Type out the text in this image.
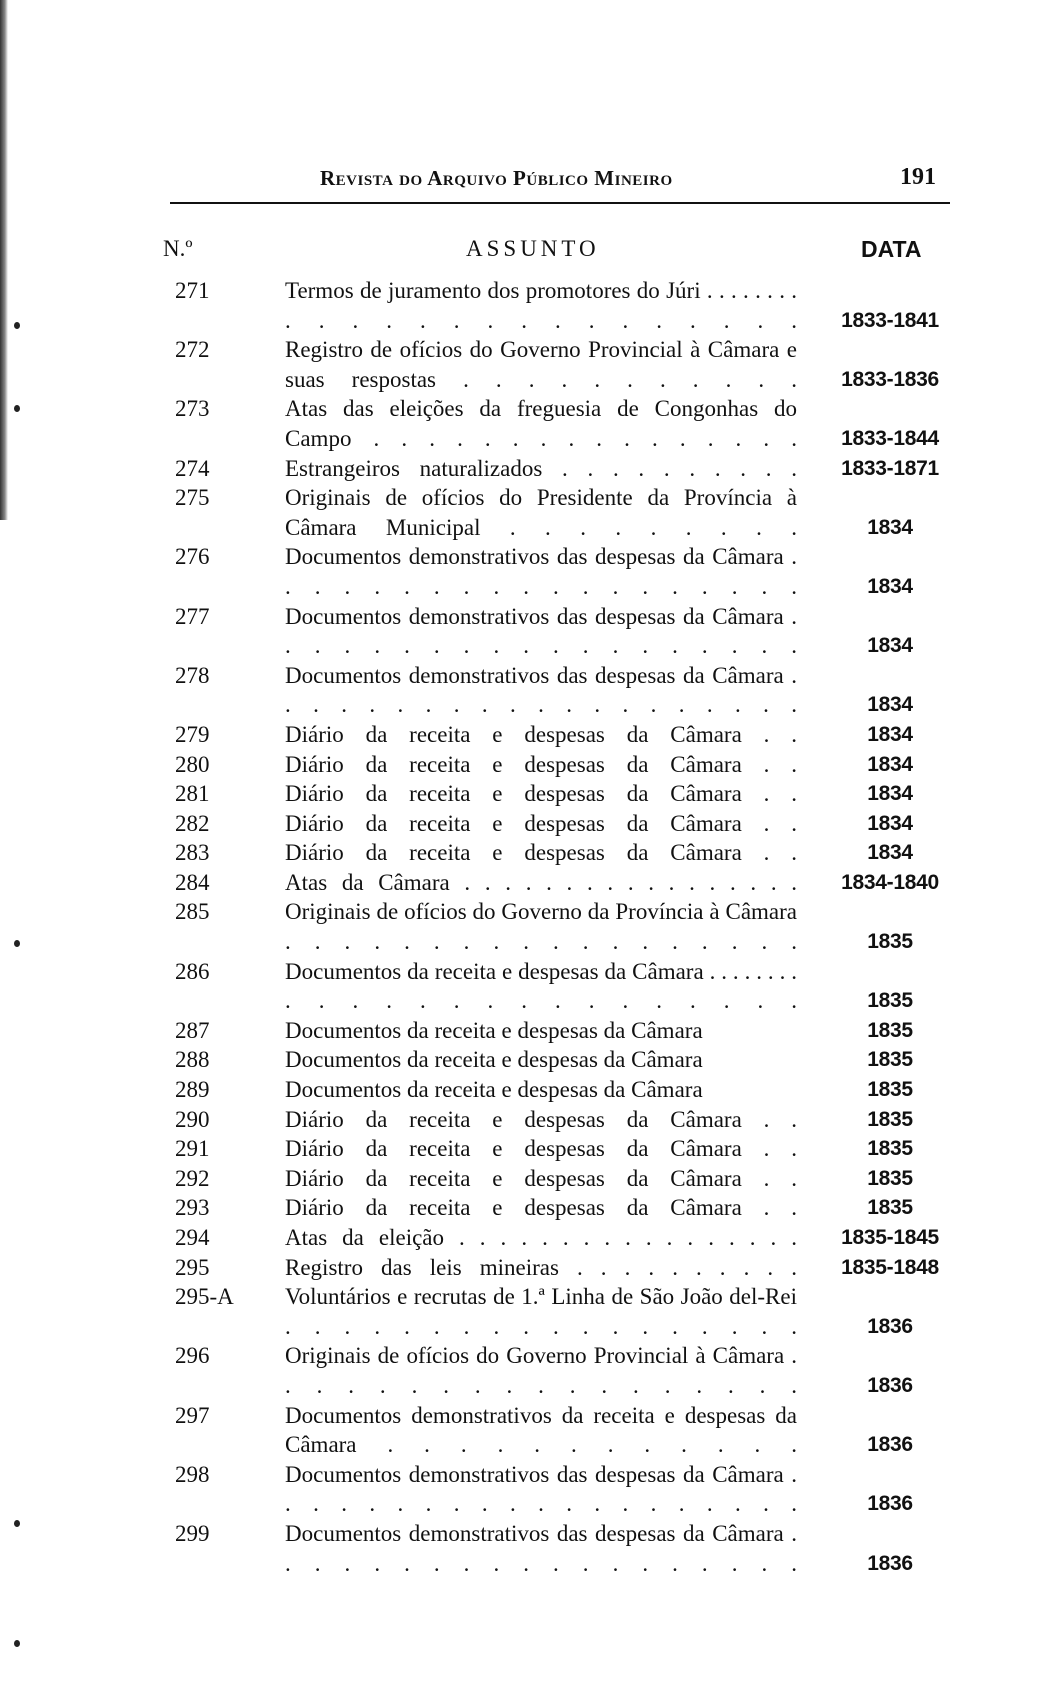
Revista do Arquivo Público Mineiro	191
N.º	ASSUNTO	DATA
271	Termos de juramento dos promotores do Júri . . . . . . . . . . . . . . . . . . . . . . . . 1833-1841
272	Registro de ofícios do Governo Provincial à Câmara e suas respostas . . . . . . . . . . . 1833-1836
273	Atas das eleições da freguesia de Congonhas do Campo . . . . . . . . . . . . . . . . 1833-1844
274	Estrangeiros naturalizados . . . . . . . . . . 1833-1871
275	Originais de ofícios do Presidente da Província à Câmara Municipal . . . . . . . . .	1834
276	Documentos demonstrativos das despesas da Câmara . . . . . . . . . . . . . . . . . . .	1834
277	Documentos demonstrativos das despesas da Câmara . . . . . . . . . . . . . . . . . . .	1834
278	Documentos demonstrativos das despesas da Câmara . . . . . . . . . . . . . . . . . . . .	1834
279	Diário da receita e despesas da Câmara . .	1834
280	Diário da receita e despesas da Câmara . .	1834
281	Diário da receita e despesas da Câmara . .	1834
282	Diário da receita e despesas da Câmara . .	1834
283	Diário da receita e despesas da Câmara . .	1834
284	Atas da Câmara . . . . . . . . . . . . . . . . . 1834-1840
285	Originais de ofícios do Governo da Província à Câmara . . . . . . . . . . . . . . . . . .	1835
286	Documentos da receita e despesas da Câmara . . . . . . . . . . . . . . . . . . . . . . . .	1835
287	Documentos da receita e despesas da Câmara	1835
288	Documentos da receita e despesas da Câmara	1835
289	Documentos da receita e despesas da Câmara	1835
290	Diário da receita e despesas da Câmara . .	1835
291	Diário da receita e despesas da Câmara . .	1835
292	Diário da receita e despesas da Câmara . .	1835
293	Diário da receita e despesas da Câmara . .	1835
294	Atas da eleição . . . . . . . . . . . . . . . . . 1835-1845
295	Registro das leis mineiras . . . . . . . . . . 1835-1848
295-A	Voluntários e recrutas de 1.ª Linha de São João del-Rei . . . . . . . . . . . . . . . . . .	1836
296	Originais de ofícios do Governo Provincial à Câmara . . . . . . . . . . . . . . . . . .	1836
297	Documentos demonstrativos da receita e despesas da Câmara . . . . . . . . . . . .	1836
298	Documentos demonstrativos das despesas da Câmara . . . . . . . . . . . . . . . . . . . .	1836
299	Documentos demonstrativos das despesas da Câmara . . . . . . . . . . . . . . . . . . .	1836
